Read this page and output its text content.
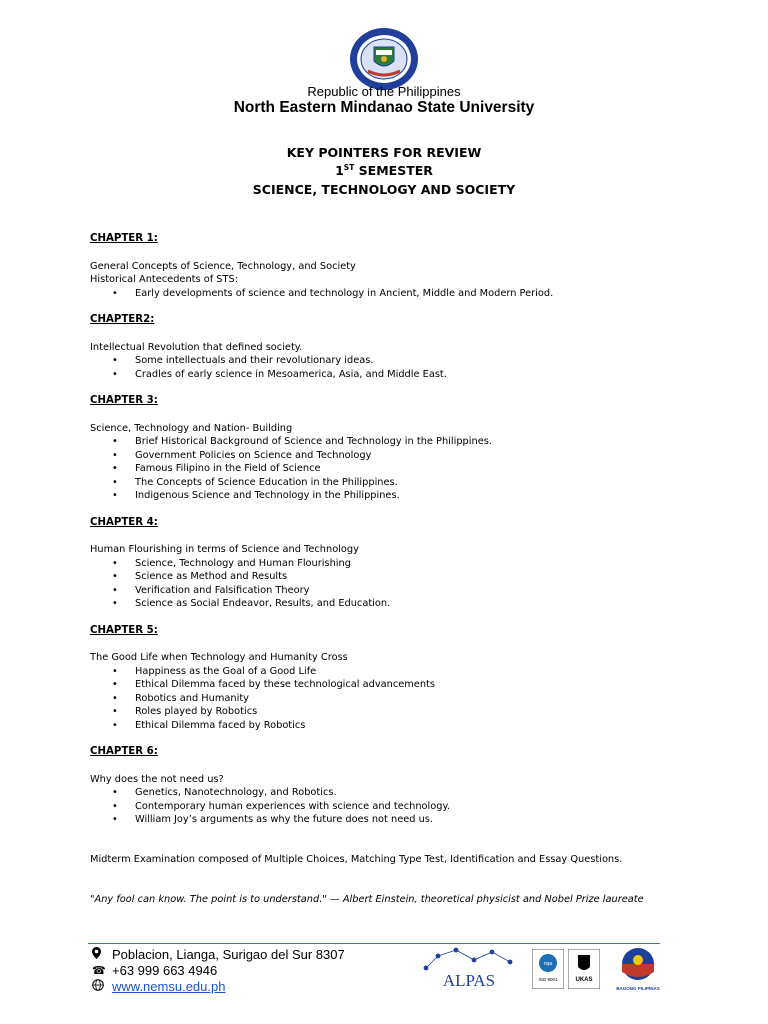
Republic of the Philippines
North Eastern Mindanao State University
KEY POINTERS FOR REVIEW
1ST SEMESTER
SCIENCE, TECHNOLOGY AND SOCIETY
CHAPTER 1:
General Concepts of Science, Technology, and Society
Historical Antecedents of STS:
• Early developments of science and technology in Ancient, Middle and Modern Period.
CHAPTER2:
Intellectual Revolution that defined society.
• Some intellectuals and their revolutionary ideas.
• Cradles of early science in Mesoamerica, Asia, and Middle East.
CHAPTER 3:
Science, Technology and Nation- Building
• Brief Historical Background of Science and Technology in the Philippines.
• Government Policies on Science and Technology
• Famous Filipino in the Field of Science
• The Concepts of Science Education in the Philippines.
• Indigenous Science and Technology in the Philippines.
CHAPTER 4:
Human Flourishing in terms of Science and Technology
• Science, Technology and Human Flourishing
• Science as Method and Results
• Verification and Falsification Theory
• Science as Social Endeavor, Results, and Education.
CHAPTER 5:
The Good Life when Technology and Humanity Cross
• Happiness as the Goal of a Good Life
• Ethical Dilemma faced by these technological advancements
• Robotics and Humanity
• Roles played by Robotics
• Ethical Dilemma faced by Robotics
CHAPTER 6:
Why does the not need us?
• Genetics, Nanotechnology, and Robotics.
• Contemporary human experiences with science and technology.
• William Joy’s arguments as why the future does not need us.
Midterm Examination composed of Multiple Choices, Matching Type Test, Identification and Essay Questions.
"Any fool can know. The point is to understand." — Albert Einstein, theoretical physicist and Nobel Prize laureate
Poblacion, Lianga, Surigao del Sur 8307
☎ +63 999 663 4946
www.nemsu.edu.ph	ALPAS
nqa
ISO 9001	UKAS
BAGONG PILIPINAS
